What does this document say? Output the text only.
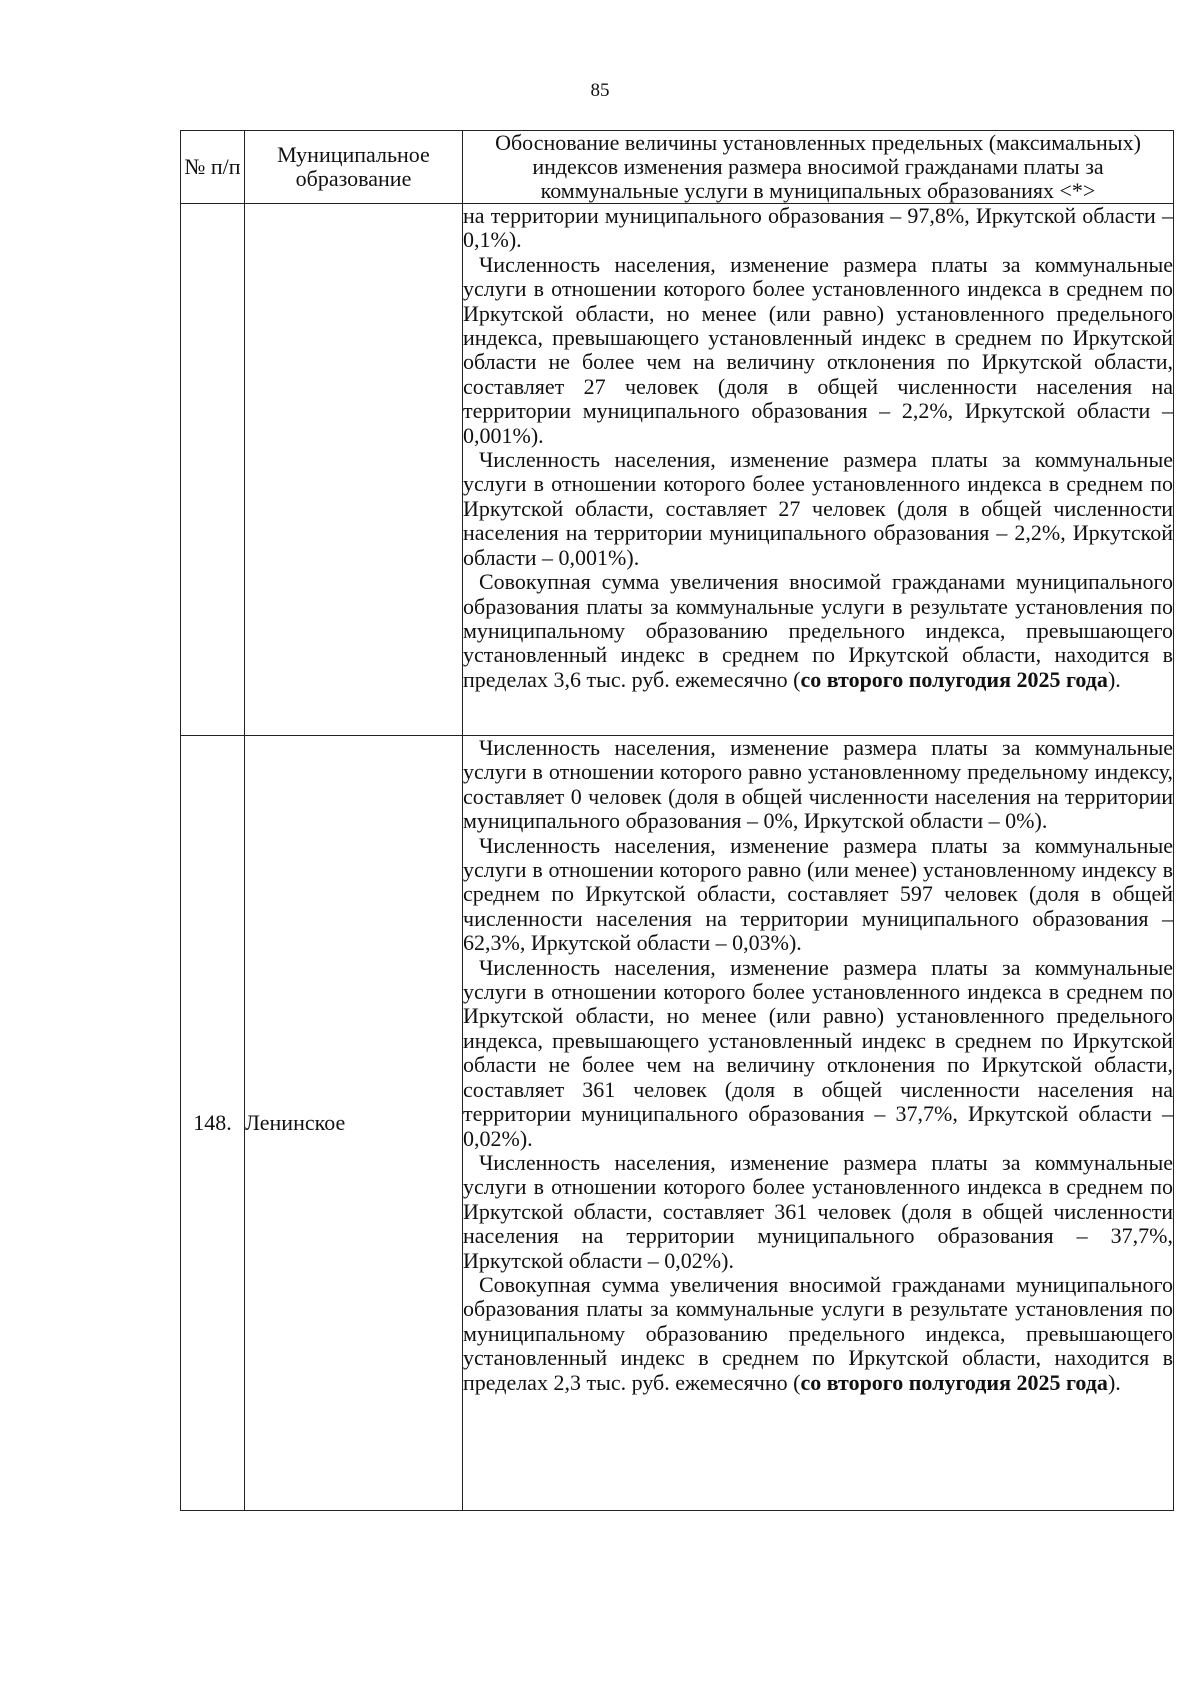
85
№ п/п	Муниципальное образование	Обоснование величины установленных предельных (максимальных) индексов изменения размера вносимой гражданами платы за коммунальные услуги в муниципальных образованиях <*>

		на территории муниципального образования – 97,8%, Иркутской области – 0,1%).

Численность населения, изменение размера платы за коммунальные услуги в отношении которого более установленного индекса в среднем по Иркутской области, но менее (или равно) установленного предельного индекса, превышающего установленный индекс в среднем по Иркутской области не более чем на величину отклонения по Иркутской области, составляет 27 человек (доля в общей численности населения на территории муниципального образования – 2,2%, Иркутской области – 0,001%).

Численность населения, изменение размера платы за коммунальные услуги в отношении которого более установленного индекса в среднем по Иркутской области, составляет 27 человек (доля в общей численности населения на территории муниципального образования – 2,2%, Иркутской области – 0,001%).

Совокупная сумма увеличения вносимой гражданами муниципального образования платы за коммунальные услуги в результате установления по муниципальному образованию предельного индекса, превышающего установленный индекс в среднем по Иркутской области, находится в пределах 3,6 тыс. руб. ежемесячно (со второго полугодия 2025 года).

148.	Ленинское	Численность населения, изменение размера платы за коммунальные услуги в отношении которого равно установленному предельному индексу, составляет 0 человек (доля в общей численности населения на территории муниципального образования – 0%, Иркутской области – 0%).

Численность населения, изменение размера платы за коммунальные услуги в отношении которого равно (или менее) установленному индексу в среднем по Иркутской области, составляет 597 человек (доля в общей численности населения на территории муниципального образования – 62,3%, Иркутской области – 0,03%).

Численность населения, изменение размера платы за коммунальные услуги в отношении которого более установленного индекса в среднем по Иркутской области, но менее (или равно) установленного предельного индекса, превышающего установленный индекс в среднем по Иркутской области не более чем на величину отклонения по Иркутской области, составляет 361 человек (доля в общей численности населения на территории муниципального образования – 37,7%, Иркутской области – 0,02%).

Численность населения, изменение размера платы за коммунальные услуги в отношении которого более установленного индекса в среднем по Иркутской области, составляет 361 человек (доля в общей численности населения на территории муниципального образования – 37,7%, Иркутской области – 0,02%).

Совокупная сумма увеличения вносимой гражданами муниципального образования платы за коммунальные услуги в результате установления по муниципальному образованию предельного индекса, превышающего установленный индекс в среднем по Иркутской области, находится в пределах 2,3 тыс. руб. ежемесячно (со второго полугодия 2025 года).
